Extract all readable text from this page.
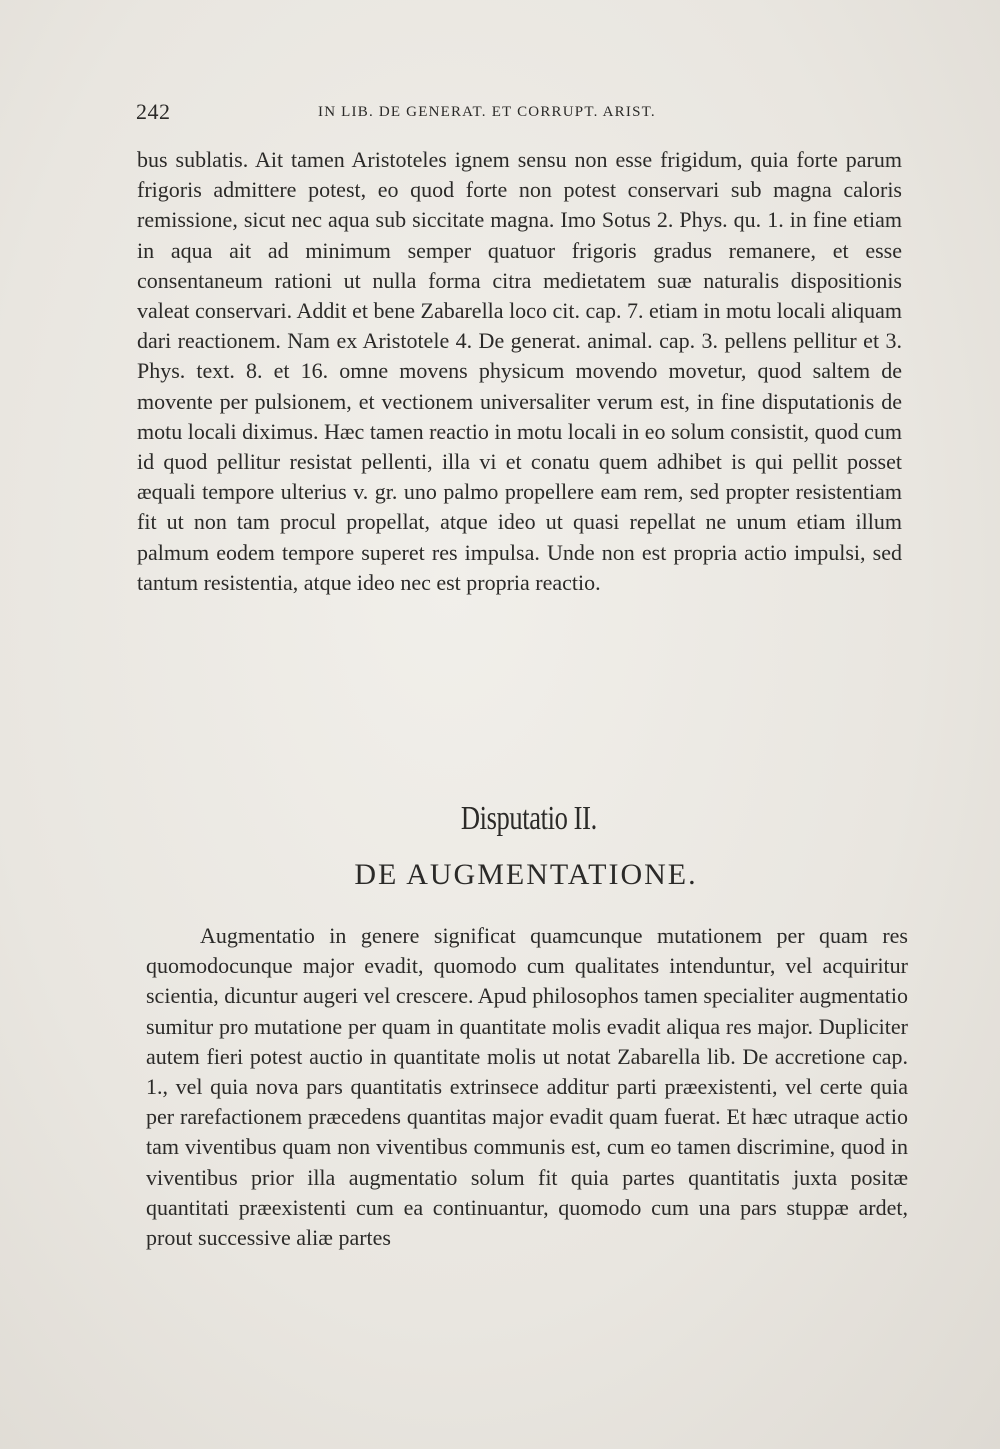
242	IN LIB. DE GENERAT. ET CORRUPT. ARIST.

bus sublatis. Ait tamen Aristoteles ignem sensu non esse frigidum, quia forte parum frigoris admittere potest, eo quod forte non potest conservari sub magna caloris remissione, sicut nec aqua sub siccitate magna. Imo Sotus 2. Phys. qu. 1. in fine etiam in aqua ait ad minimum semper quatuor frigoris gradus remanere, et esse consentaneum rationi ut nulla forma citra medietatem suæ naturalis dispositionis valeat conservari. Addit et bene Zabarella loco cit. cap. 7. etiam in motu locali aliquam dari reactionem. Nam ex Aristotele 4. De generat. animal. cap. 3. pellens pellitur et 3. Phys. text. 8. et 16. omne movens physicum movendo movetur, quod saltem de movente per pulsionem, et vectionem universaliter verum est, in fine disputationis de motu locali diximus. Hæc tamen reactio in motu locali in eo solum consistit, quod cum id quod pellitur resistat pellenti, illa vi et conatu quem adhibet is qui pellit posset æquali tempore ulterius v. gr. uno palmo propellere eam rem, sed propter resistentiam fit ut non tam procul propellat, atque ideo ut quasi repellat ne unum etiam illum palmum eodem tempore superet res impulsa. Unde non est propria actio impulsi, sed tantum resistentia, atque ideo nec est propria reactio.

Disputatio II.
DE AUGMENTATIONE.

Augmentatio in genere significat quamcunque mutationem per quam res quomodocunque major evadit, quomodo cum qualitates intenduntur, vel acquiritur scientia, dicuntur augeri vel crescere. Apud philosophos tamen specialiter augmentatio sumitur pro mutatione per quam in quantitate molis evadit aliqua res major. Dupliciter autem fieri potest auctio in quantitate molis ut notat Zabarella lib. De accretione cap. 1., vel quia nova pars quantitatis extrinsece additur parti præexistenti, vel certe quia per rarefactionem præcedens quantitas major evadit quam fuerat. Et hæc utraque actio tam viventibus quam non viventibus communis est, cum eo tamen discrimine, quod in viventibus prior illa augmentatio solum fit quia partes quantitatis juxta positæ quantitati præexistenti cum ea continuantur, quomodo cum una pars stuppæ ardet, prout successive aliæ partes
